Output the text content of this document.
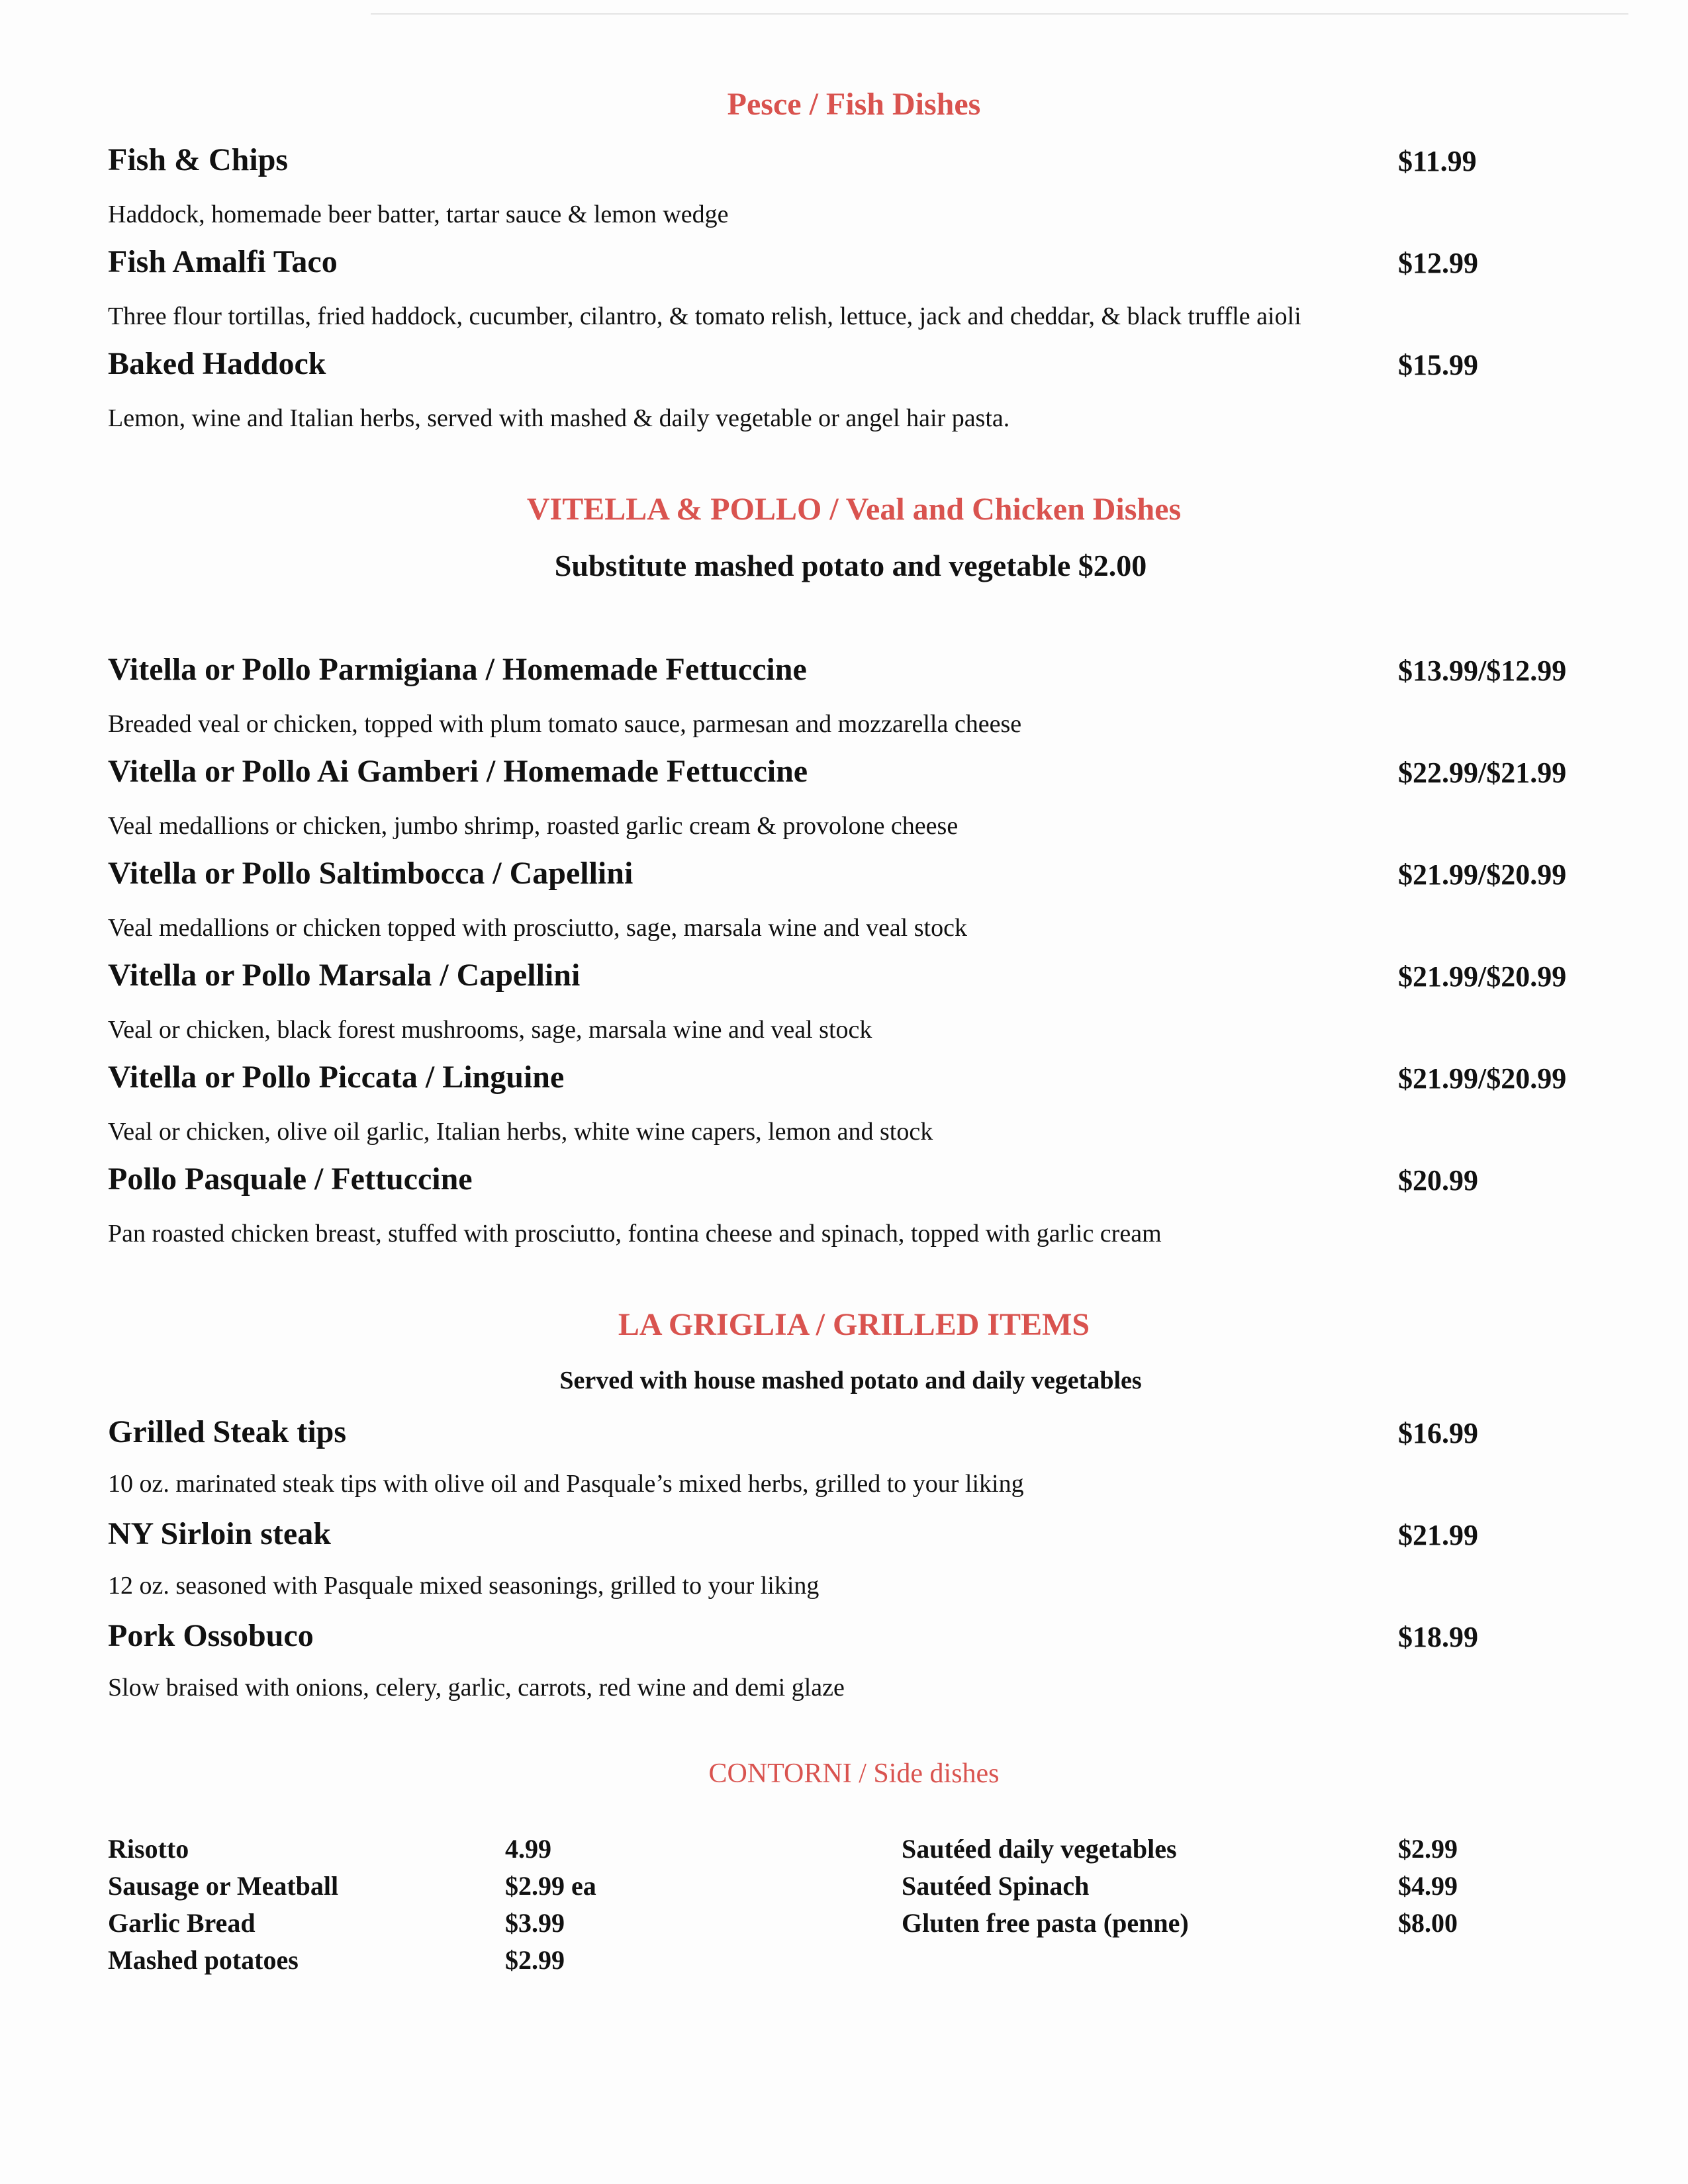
Pesce / Fish Dishes
Fish & Chips	$11.99
Haddock, homemade beer batter, tartar sauce & lemon wedge
Fish Amalfi Taco	$12.99
Three flour tortillas, fried haddock, cucumber, cilantro, & tomato relish, lettuce, jack and cheddar, & black truffle aioli
Baked Haddock	$15.99
Lemon, wine and Italian herbs, served with mashed & daily vegetable or angel hair pasta.
VITELLA & POLLO / Veal and Chicken Dishes
Substitute mashed potato and vegetable $2.00
Vitella or Pollo Parmigiana / Homemade Fettuccine	$13.99/$12.99
Breaded veal or chicken, topped with plum tomato sauce, parmesan and mozzarella cheese
Vitella or Pollo Ai Gamberi / Homemade Fettuccine	$22.99/$21.99
Veal medallions or chicken, jumbo shrimp, roasted garlic cream & provolone cheese
Vitella or Pollo Saltimbocca / Capellini	$21.99/$20.99
Veal medallions or chicken topped with prosciutto, sage, marsala wine and veal stock
Vitella or Pollo Marsala / Capellini	$21.99/$20.99
Veal or chicken, black forest mushrooms, sage, marsala wine and veal stock
Vitella or Pollo Piccata / Linguine	$21.99/$20.99
Veal or chicken, olive oil garlic, Italian herbs, white wine capers, lemon and stock
Pollo Pasquale / Fettuccine	$20.99
Pan roasted chicken breast, stuffed with prosciutto, fontina cheese and spinach, topped with garlic cream
LA GRIGLIA / GRILLED ITEMS
Served with house mashed potato and daily vegetables
Grilled Steak tips	$16.99
10 oz. marinated steak tips with olive oil and Pasquale’s mixed herbs, grilled to your liking
NY Sirloin steak	$21.99
12 oz. seasoned with Pasquale mixed seasonings, grilled to your liking
Pork Ossobuco	$18.99
Slow braised with onions, celery, garlic, carrots, red wine and demi glaze
CONTORNI / Side dishes
Risotto	4.99
Sausage or Meatball	$2.99 ea
Garlic Bread	$3.99
Mashed potatoes	$2.99
Sautéed daily vegetables	$2.99
Sautéed Spinach	$4.99
Gluten free pasta (penne)	$8.00
